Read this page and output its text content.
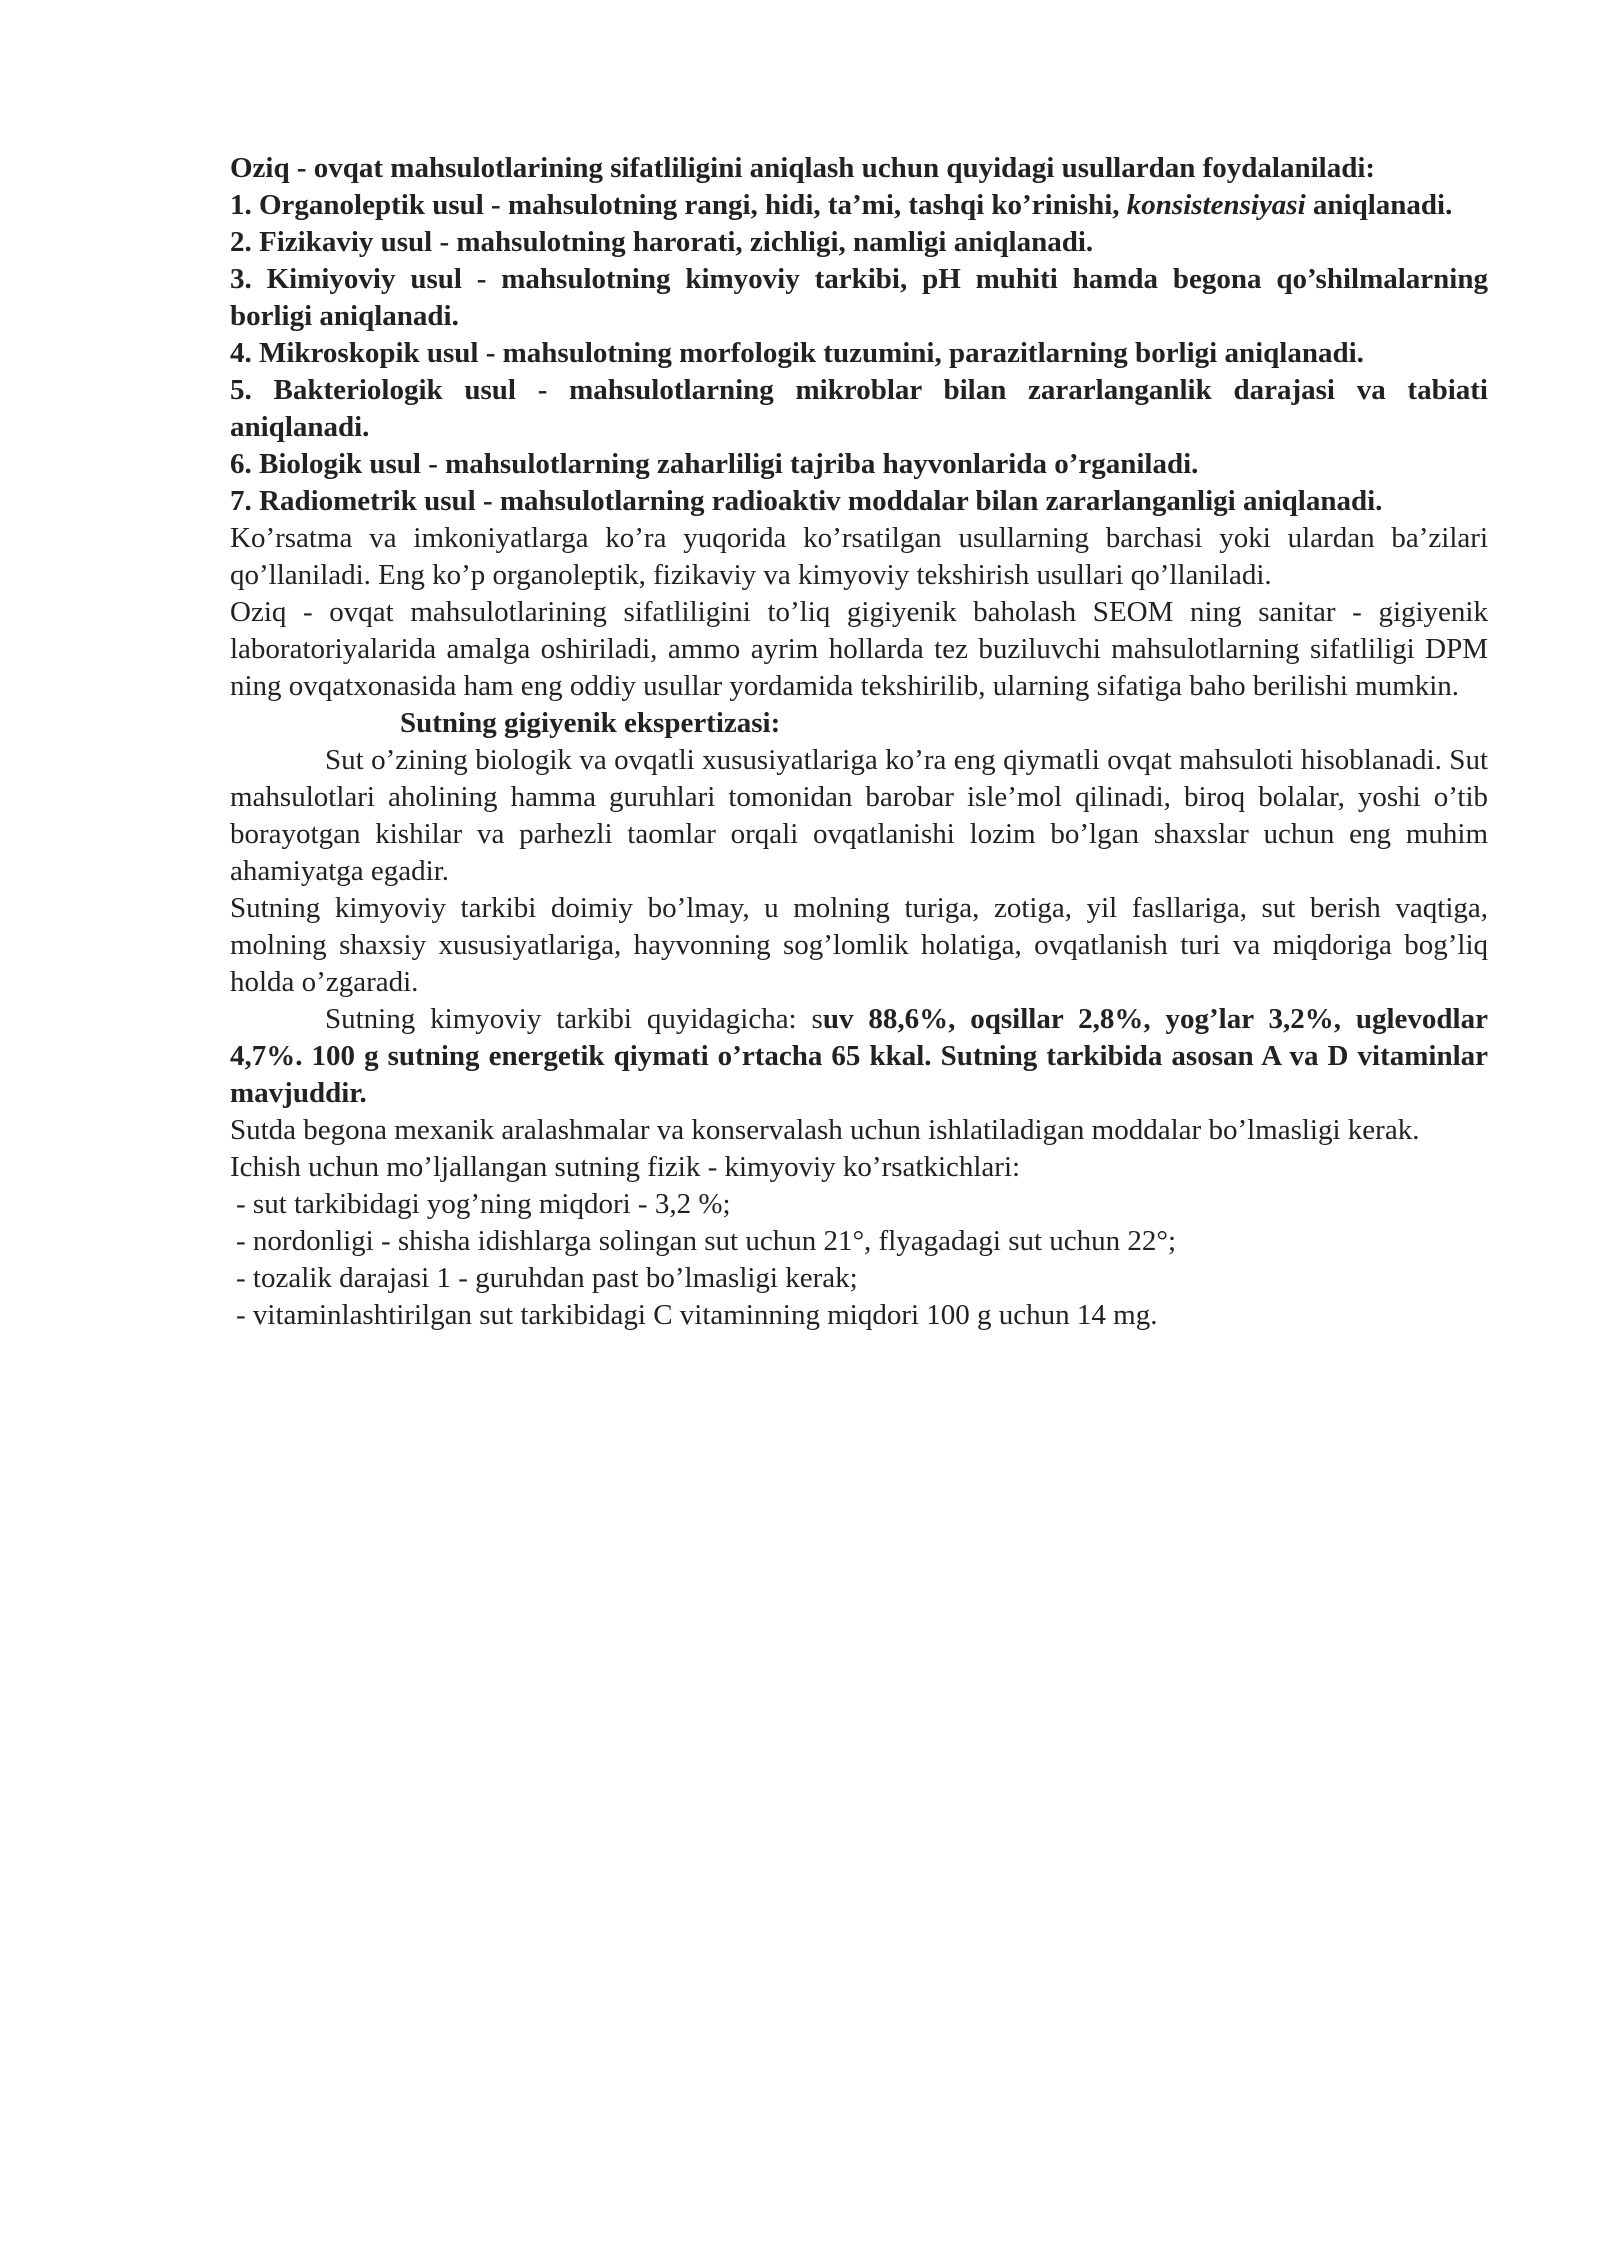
Oziq - ovqat mahsulotlarining sifatliligini aniqlash uchun quyidagi usullardan foydalaniladi:

1. Organoleptik usul - mahsulotning rangi, hidi, ta’mi, tashqi ko’rinishi, konsistensiyasi aniqlanadi.

2. Fizikaviy usul - mahsulotning harorati, zichligi, namligi aniqlanadi.

3. Kimiyoviy usul - mahsulotning kimyoviy tarkibi, pH muhiti hamda begona qo’shilmalarning borligi aniqlanadi.

4. Mikroskopik usul - mahsulotning morfologik tuzumini, parazitlarning borligi aniqlanadi.

5. Bakteriologik usul - mahsulotlarning mikroblar bilan zararlanganlik darajasi va tabiati aniqlanadi.

6. Biologik usul - mahsulotlarning zaharliligi tajriba hayvonlarida o’rganiladi.

7. Radiometrik usul - mahsulotlarning radioaktiv moddalar bilan zararlanganligi aniqlanadi.

Ko’rsatma va imkoniyatlarga ko’ra yuqorida ko’rsatilgan usullarning barchasi yoki ulardan ba’zilari qo’llaniladi. Eng ko’p organoleptik, fizikaviy va kimyoviy tekshirish usullari qo’llaniladi.

Oziq - ovqat mahsulotlarining sifatliligini to’liq gigiyenik baholash SEOM ning sanitar - gigiyenik laboratoriyalarida amalga oshiriladi, ammo ayrim hollarda tez buziluvchi mahsulotlarning sifatliligi DPM ning ovqatxonasida ham eng oddiy usullar yordamida tekshirilib, ularning sifatiga baho berilishi mumkin.

Sutning gigiyenik ekspertizasi:

Sut o’zining biologik va ovqatli xususiyatlariga ko’ra eng qiymatli ovqat mahsuloti hisoblanadi. Sut mahsulotlari aholining hamma guruhlari tomonidan barobar isle’mol qilinadi, biroq bolalar, yoshi o’tib borayotgan kishilar va parhezli taomlar orqali ovqatlanishi lozim bo’lgan shaxslar uchun eng muhim ahamiyatga egadir.

Sutning kimyoviy tarkibi doimiy bo’lmay, u molning turiga, zotiga, yil fasllariga, sut berish vaqtiga, molning shaxsiy xususiyatlariga, hayvonning sog’lomlik holatiga, ovqatlanish turi va miqdoriga bog’liq holda o’zgaradi.

Sutning kimyoviy tarkibi quyidagicha: suv 88,6%, oqsillar 2,8%, yog’lar 3,2%, uglevodlar 4,7%. 100 g sutning energetik qiymati o’rtacha 65 kkal. Sutning tarkibida asosan A va D vitaminlar mavjuddir.

Sutda begona mexanik aralashmalar va konservalash uchun ishlatiladigan moddalar bo’lmasligi kerak.

Ichish uchun mo’ljallangan sutning fizik - kimyoviy ko’rsatkichlari:

- sut tarkibidagi yog’ning miqdori - 3,2 %;

- nordonligi - shisha idishlarga solingan sut uchun 21°, flyagadagi sut uchun 22°;

- tozalik darajasi 1 - guruhdan past bo’lmasligi kerak;

- vitaminlashtirilgan sut tarkibidagi C vitaminning miqdori 100 g uchun 14 mg.
